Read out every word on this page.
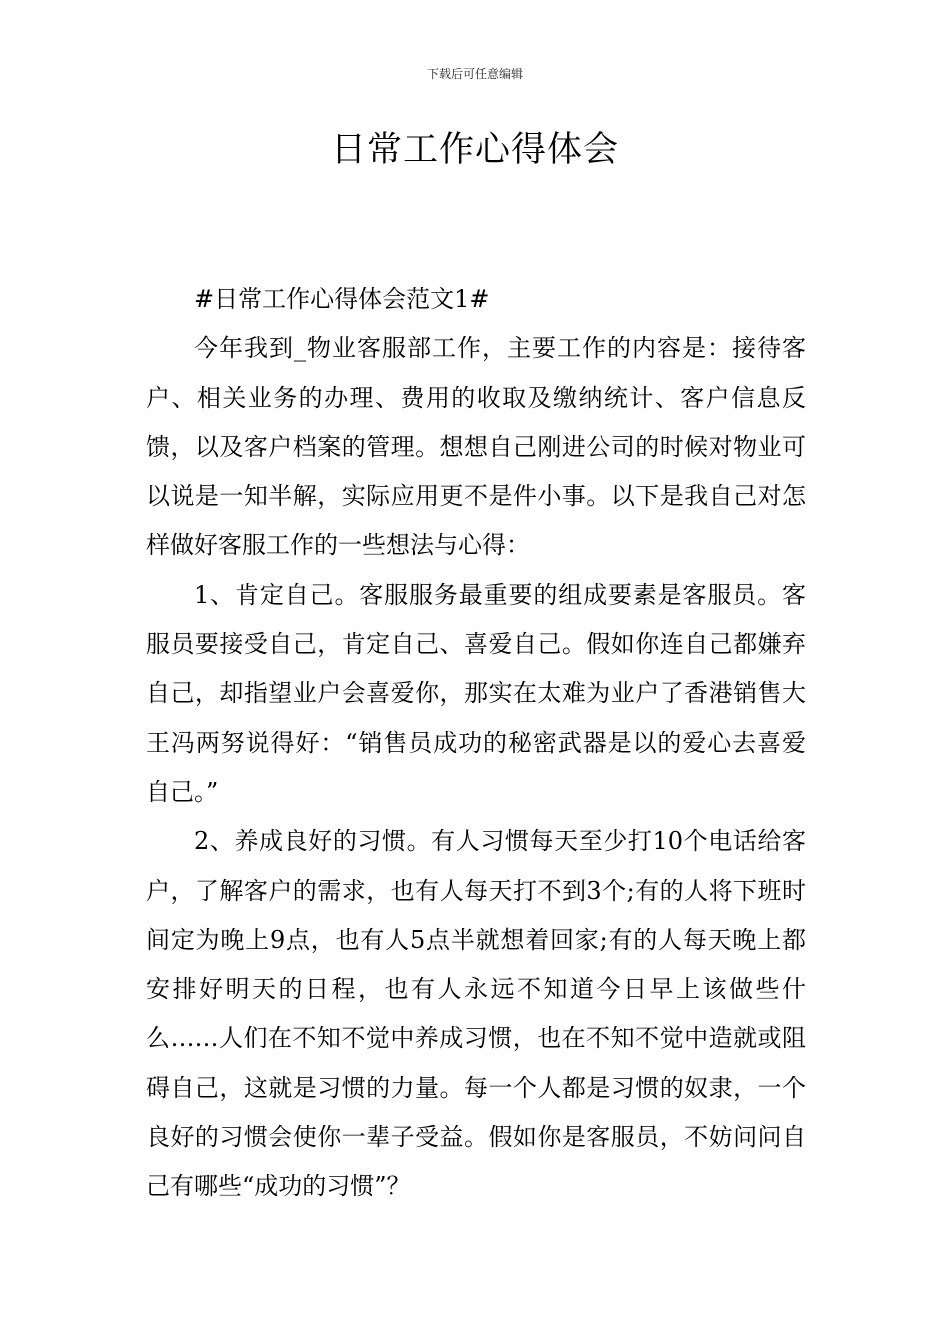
下载后可任意编辑
日常工作心得体会

#日常工作心得体会范文1#

今年我到_物业客服部工作，主要工作的内容是：接待客户、相关业务的办理、费用的收取及缴纳统计、客户信息反馈，以及客户档案的管理。想想自己刚进公司的时候对物业可以说是一知半解，实际应用更不是件小事。以下是我自己对怎样做好客服工作的一些想法与心得：

1、肯定自己。客服服务最重要的组成要素是客服员。客服员要接受自己，肯定自己、喜爱自己。假如你连自己都嫌弃自己，却指望业户会喜爱你，那实在太难为业户了香港销售大王冯两努说得好：“销售员成功的秘密武器是以的爱心去喜爱自己。”

2、养成良好的习惯。有人习惯每天至少打10个电话给客户，了解客户的需求，也有人每天打不到3个;有的人将下班时间定为晚上9点，也有人5点半就想着回家;有的人每天晚上都安排好明天的日程，也有人永远不知道今日早上该做些什么……人们在不知不觉中养成习惯，也在不知不觉中造就或阻碍自己，这就是习惯的力量。每一个人都是习惯的奴隶，一个良好的习惯会使你一辈子受益。假如你是客服员，不妨问问自己有哪些“成功的习惯”？
